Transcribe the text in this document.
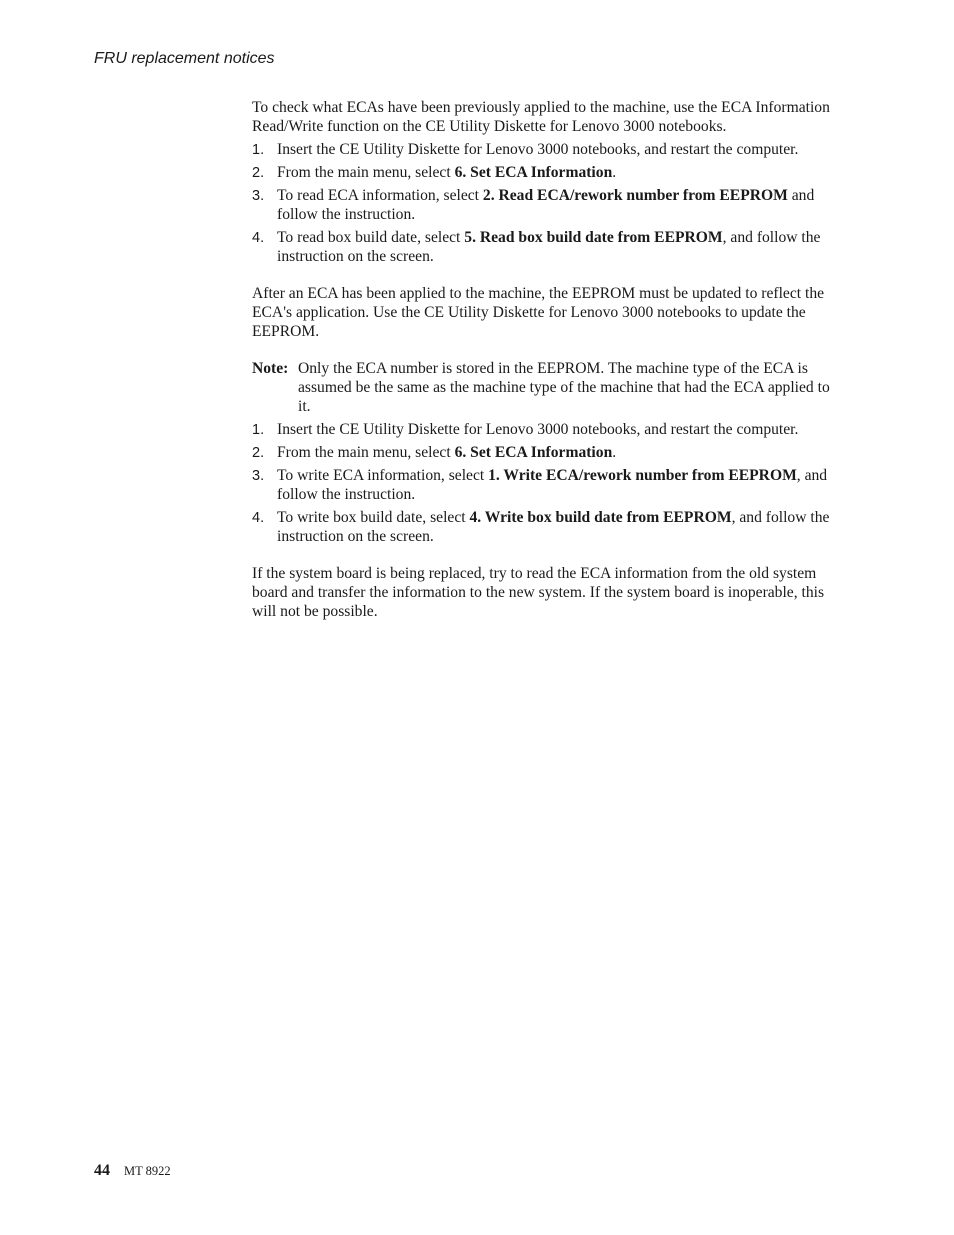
FRU replacement notices

To check what ECAs have been previously applied to the machine, use the ECA Information Read/Write function on the CE Utility Diskette for Lenovo 3000 notebooks.

1. Insert the CE Utility Diskette for Lenovo 3000 notebooks, and restart the computer.
2. From the main menu, select 6. Set ECA Information.
3. To read ECA information, select 2. Read ECA/rework number from EEPROM and follow the instruction.
4. To read box build date, select 5. Read box build date from EEPROM, and follow the instruction on the screen.

After an ECA has been applied to the machine, the EEPROM must be updated to reflect the ECA's application. Use the CE Utility Diskette for Lenovo 3000 notebooks to update the EEPROM.

Note: Only the ECA number is stored in the EEPROM. The machine type of the ECA is assumed be the same as the machine type of the machine that had the ECA applied to it.
1. Insert the CE Utility Diskette for Lenovo 3000 notebooks, and restart the computer.
2. From the main menu, select 6. Set ECA Information.
3. To write ECA information, select 1. Write ECA/rework number from EEPROM, and follow the instruction.
4. To write box build date, select 4. Write box build date from EEPROM, and follow the instruction on the screen.

If the system board is being replaced, try to read the ECA information from the old system board and transfer the information to the new system. If the system board is inoperable, this will not be possible.

44 MT 8922
